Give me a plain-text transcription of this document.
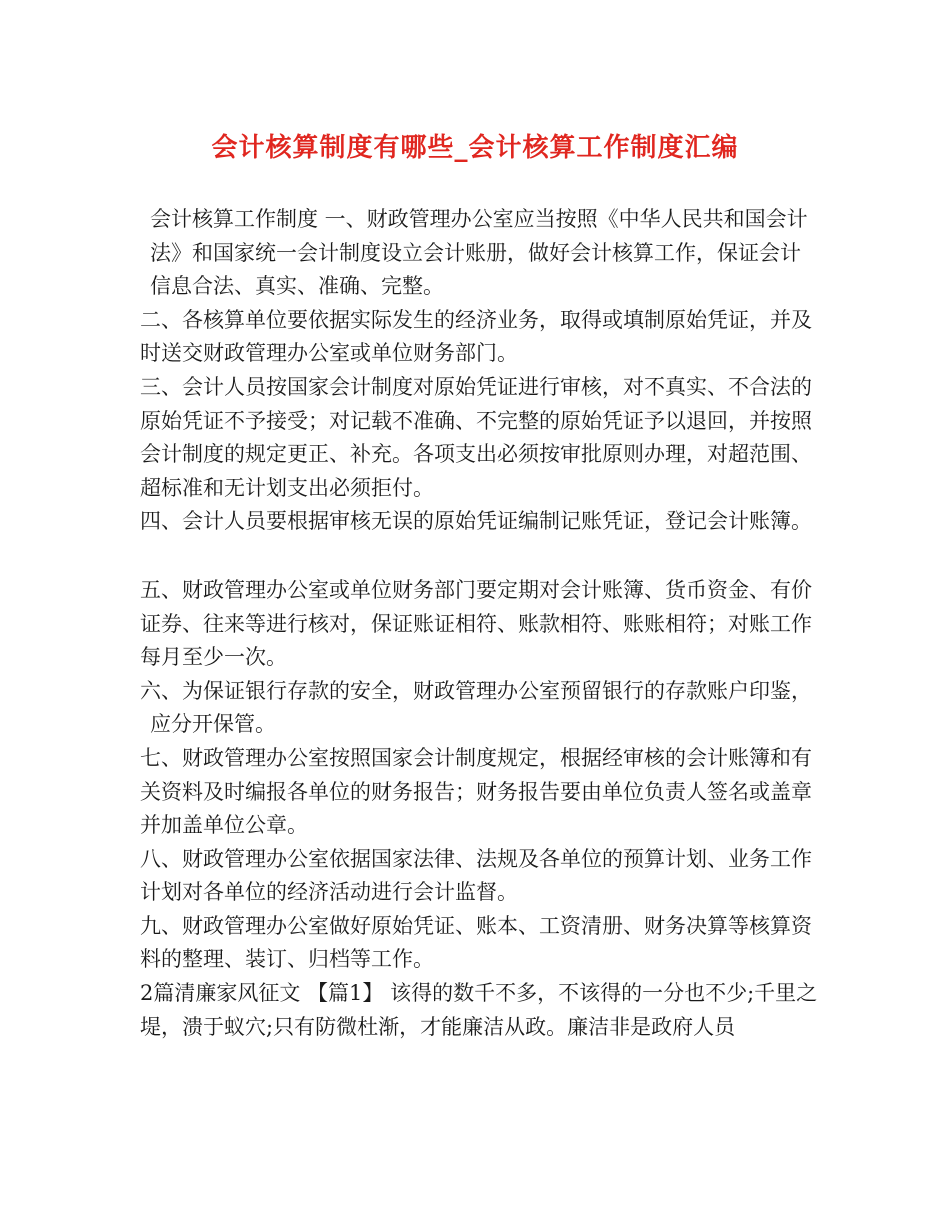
会计核算制度有哪些_会计核算工作制度汇编

会计核算工作制度 一、财政管理办公室应当按照《中华人民共和国会计法》和国家统一会计制度设立会计账册，做好会计核算工作，保证会计信息合法、真实、准确、完整。

二、各核算单位要依据实际发生的经济业务，取得或填制原始凭证，并及时送交财政管理办公室或单位财务部门。

三、会计人员按国家会计制度对原始凭证进行审核，对不真实、不合法的原始凭证不予接受；对记载不准确、不完整的原始凭证予以退回，并按照会计制度的规定更正、补充。各项支出必须按审批原则办理，对超范围、超标准和无计划支出必须拒付。

四、会计人员要根据审核无误的原始凭证编制记账凭证，登记会计账簿。

五、财政管理办公室或单位财务部门要定期对会计账簿、货币资金、有价证券、往来等进行核对，保证账证相符、账款相符、账账相符；对账工作每月至少一次。

六、为保证银行存款的安全，财政管理办公室预留银行的存款账户印鉴，

应分开保管。

七、财政管理办公室按照国家会计制度规定，根据经审核的会计账簿和有关资料及时编报各单位的财务报告；财务报告要由单位负责人签名或盖章并加盖单位公章。

八、财政管理办公室依据国家法律、法规及各单位的预算计划、业务工作计划对各单位的经济活动进行会计监督。

九、财政管理办公室做好原始凭证、账本、工资清册、财务决算等核算资料的整理、装订、归档等工作。

2篇清廉家风征文 【篇1】 该得的数千不多，不该得的一分也不少;千里之堤，溃于蚁穴;只有防微杜渐，才能廉洁从政。廉洁非是政府人员
